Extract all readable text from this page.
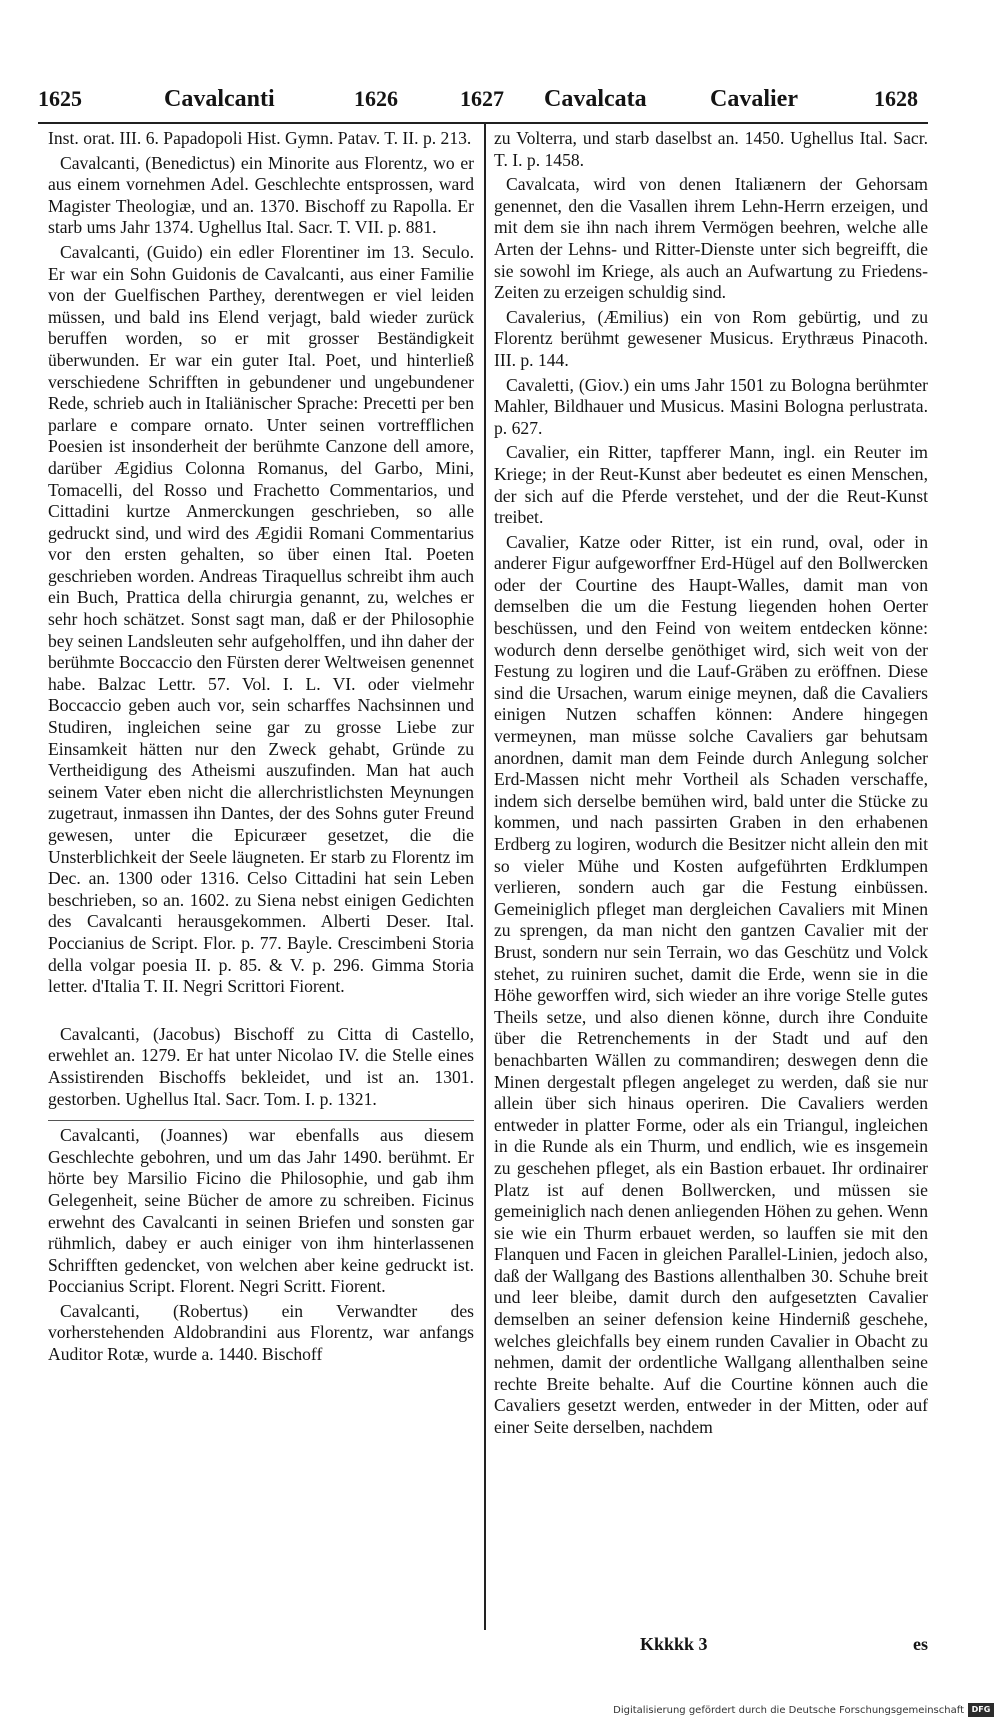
1625	Cavalcanti	1626	1627 Cavalcata	Cavalier	1628

Inst. orat. III. 6. Papadopoli Hist. Gymn. Patav. T. II. p. 213.

Cavalcanti, (Benedictus) ein Minorite aus Florentz, wo er aus einem vornehmen Adel. Geschlechte entsprossen, ward Magister Theologiæ, und an. 1370. Bischoff zu Rapolla. Er starb ums Jahr 1374. Ughellus Ital. Sacr. T. VII. p. 881.

Cavalcanti, (Guido) ein edler Florentiner im 13. Seculo. Er war ein Sohn Guidonis de Cavalcanti, aus einer Familie von der Guelfischen Parthey, derentwegen er viel leiden müssen, und bald ins Elend verjagt, bald wieder zurück beruffen worden, so er mit grosser Beständigkeit überwunden. Er war ein guter Ital. Poet, und hinterließ verschiedene Schrifften in gebundener und ungebundener Rede, schrieb auch in Italiänischer Sprache: Precetti per ben parlare e compare ornato. Unter seinen vortrefflichen Poesien ist insonderheit der berühmte Canzone dell amore, darüber Ægidius Colonna Romanus, del Garbo, Mini, Tomacelli, del Rosso und Frachetto Commentarios, und Cittadini kurtze Anmerckungen geschrieben, so alle gedruckt sind, und wird des Ægidii Romani Commentarius vor den ersten gehalten, so über einen Ital. Poeten geschrieben worden. Andreas Tiraquellus schreibt ihm auch ein Buch, Prattica della chirurgia genannt, zu, welches er sehr hoch schätzet. Sonst sagt man, daß er der Philosophie bey seinen Landsleuten sehr aufgeholffen, und ihn daher der berühmte Boccaccio den Fürsten derer Weltweisen genennet habe. Balzac Lettr. 57. Vol. I. L. VI. oder vielmehr Boccaccio geben auch vor, sein scharffes Nachsinnen und Studiren, ingleichen seine gar zu grosse Liebe zur Einsamkeit hätten nur den Zweck gehabt, Gründe zu Vertheidigung des Atheismi auszufinden. Man hat auch seinem Vater eben nicht die allerchristlichsten Meynungen zugetraut, inmassen ihn Dantes, der des Sohns guter Freund gewesen, unter die Epicuræer gesetzet, die die Unsterblichkeit der Seele läugneten. Er starb zu Florentz im Dec. an. 1300 oder 1316. Celso Cittadini hat sein Leben beschrieben, so an. 1602. zu Siena nebst einigen Gedichten des Cavalcanti herausgekommen. Alberti Deser. Ital. Poccianius de Script. Flor. p. 77. Bayle. Crescimbeni Storia della volgar poesia II. p. 85. & V. p. 296. Gimma Storia letter. d'Italia T. II. Negri Scrittori Fiorent.

Cavalcanti, (Jacobus) Bischoff zu Citta di Castello, erwehlet an. 1279. Er hat unter Nicolao IV. die Stelle eines Assistirenden Bischoffs bekleidet, und ist an. 1301. gestorben. Ughellus Ital. Sacr. Tom. I. p. 1321.

Cavalcanti, (Joannes) war ebenfalls aus diesem Geschlechte gebohren, und um das Jahr 1490. berühmt. Er hörte bey Marsilio Ficino die Philosophie, und gab ihm Gelegenheit, seine Bücher de amore zu schreiben. Ficinus erwehnt des Cavalcanti in seinen Briefen und sonsten gar rühmlich, dabey er auch einiger von ihm hinterlassenen Schrifften gedencket, von welchen aber keine gedruckt ist. Poccianius Script. Florent. Negri Scritt. Fiorent.

Cavalcanti, (Robertus) ein Verwandter des vorherstehenden Aldobrandini aus Florentz, war anfangs Auditor Rotæ, wurde a. 1440. Bischoff

zu Volterra, und starb daselbst an. 1450. Ughellus Ital. Sacr. T. I. p. 1458.

Cavalcata, wird von denen Italiænern der Gehorsam genennet, den die Vasallen ihrem Lehn-Herrn erzeigen, und mit dem sie ihn nach ihrem Vermögen beehren, welche alle Arten der Lehns- und Ritter-Dienste unter sich begreifft, die sie sowohl im Kriege, als auch an Aufwartung zu Friedens-Zeiten zu erzeigen schuldig sind.

Cavalerius, (Æmilius) ein von Rom gebürtig, und zu Florentz berühmt gewesener Musicus. Erythræus Pinacoth. III. p. 144.

Cavaletti, (Giov.) ein ums Jahr 1501 zu Bologna berühmter Mahler, Bildhauer und Musicus. Masini Bologna perlustrata. p. 627.

Cavalier, ein Ritter, tapfferer Mann, ingl. ein Reuter im Kriege; in der Reut-Kunst aber bedeutet es einen Menschen, der sich auf die Pferde verstehet, und der die Reut-Kunst treibet.

Cavalier, Katze oder Ritter, ist ein rund, oval, oder in anderer Figur aufgeworffner Erd-Hügel auf den Bollwercken oder der Courtine des Haupt-Walles, damit man von demselben die um die Festung liegenden hohen Oerter beschüssen, und den Feind von weitem entdecken könne: wodurch denn derselbe genöthiget wird, sich weit von der Festung zu logiren und die Lauf-Gräben zu eröffnen. Diese sind die Ursachen, warum einige meynen, daß die Cavaliers einigen Nutzen schaffen können: Andere hingegen vermeynen, man müsse solche Cavaliers gar behutsam anordnen, damit man dem Feinde durch Anlegung solcher Erd-Massen nicht mehr Vortheil als Schaden verschaffe, indem sich derselbe bemühen wird, bald unter die Stücke zu kommen, und nach passirten Graben in den erhabenen Erdberg zu logiren, wodurch die Besitzer nicht allein den mit so vieler Mühe und Kosten aufgeführten Erdklumpen verlieren, sondern auch gar die Festung einbüssen. Gemeiniglich pfleget man dergleichen Cavaliers mit Minen zu sprengen, da man nicht den gantzen Cavalier mit der Brust, sondern nur sein Terrain, wo das Geschütz und Volck stehet, zu ruiniren suchet, damit die Erde, wenn sie in die Höhe geworffen wird, sich wieder an ihre vorige Stelle gutes Theils setze, und also dienen könne, durch ihre Conduite über die Retrenchements in der Stadt und auf den benachbarten Wällen zu commandiren; deswegen denn die Minen dergestalt pflegen angeleget zu werden, daß sie nur allein über sich hinaus operiren. Die Cavaliers werden entweder in platter Forme, oder als ein Triangul, ingleichen in die Runde als ein Thurm, und endlich, wie es insgemein zu geschehen pfleget, als ein Bastion erbauet. Ihr ordinairer Platz ist auf denen Bollwercken, und müssen sie gemeiniglich nach denen anliegenden Höhen zu gehen. Wenn sie wie ein Thurm erbauet werden, so lauffen sie mit den Flanquen und Facen in gleichen Parallel-Linien, jedoch also, daß der Wallgang des Bastions allenthalben 30. Schuhe breit und leer bleibe, damit durch den aufgesetzten Cavalier demselben an seiner defension keine Hinderniß geschehe, welches gleichfalls bey einem runden Cavalier in Obacht zu nehmen, damit der ordentliche Wallgang allenthalben seine rechte Breite behalte. Auf die Courtine können auch die Cavaliers gesetzt werden, entweder in der Mitten, oder auf einer Seite derselben, nachdem

Kkkkk 3	es
Digitalisierung gefördert durch die Deutsche Forschungsgemeinschaft DFG
